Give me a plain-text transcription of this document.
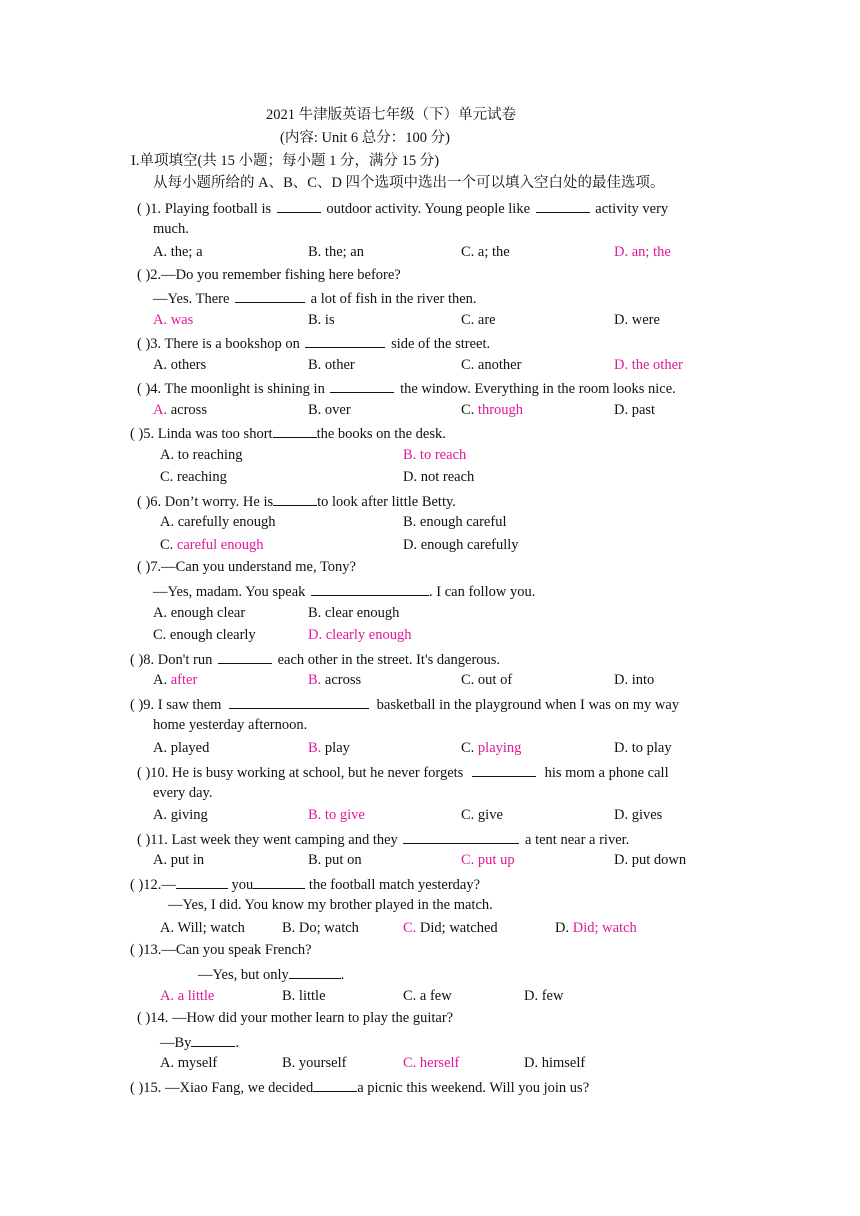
2021 牛津版英语七年级（下）单元试卷
(内容: Unit 6 总分：100 分)
I.单项填空(共 15 小题；每小题 1 分，满分 15 分)
从每小题所给的 A、B、C、D 四个选项中选出一个可以填入空白处的最佳选项。
( )1. Playing football is	outdoor activity. Young people like	activity very
much.
A. the; a	B. the; an	C. a; the	D. an; the
( )2.—Do you remember fishing here before?
—Yes. There	a lot of fish in the river then.
A. was	B. is	C. are	D. were
( )3. There is a bookshop on	side of the street.
A. others	B. other	C. another	D. the other
( )4. The moonlight is shining in	the window. Everything in the room looks nice.
A. across	B. over	C. through	D. past
( )5. Linda was too short	the books on the desk.
A. to reaching	B. to reach
C. reaching	D. not reach
( )6. Don’t worry. He is	to look after little Betty.
A. carefully enough	B. enough careful
C. careful enough	D. enough carefully
( )7.—Can you understand me, Tony?
—Yes, madam. You speak	. I can follow you.
A. enough clear	B. clear enough
C. enough clearly	D. clearly enough
( )8. Don't run	each other in the street. It's dangerous.
A. after	B. across	C. out of	D. into
( )9. I saw them	basketball in the playground when I was on my way
home yesterday afternoon.
A. played	B. play	C. playing	D. to play
( )10. He is busy working at school, but he never forgets	his mom a phone call
every day.
A. giving	B. to give	C. give	D. gives
( )11. Last week they went camping and they	a tent near a river.
A. put in	B. put on	C. put up	D. put down
( )12.—	you	the football match yesterday?
—Yes, I did. You know my brother played in the match.
A. Will; watch	B. Do; watch	C. Did; watched	D. Did; watch
( )13.—Can you speak French?
—Yes, but only	.
A. a little	B. little	C. a few	D. few
( )14. —How did your mother learn to play the guitar?
—By	.
A. myself	B. yourself	C. herself	D. himself
( )15. —Xiao Fang, we decided	a picnic this weekend. Will you join us?
